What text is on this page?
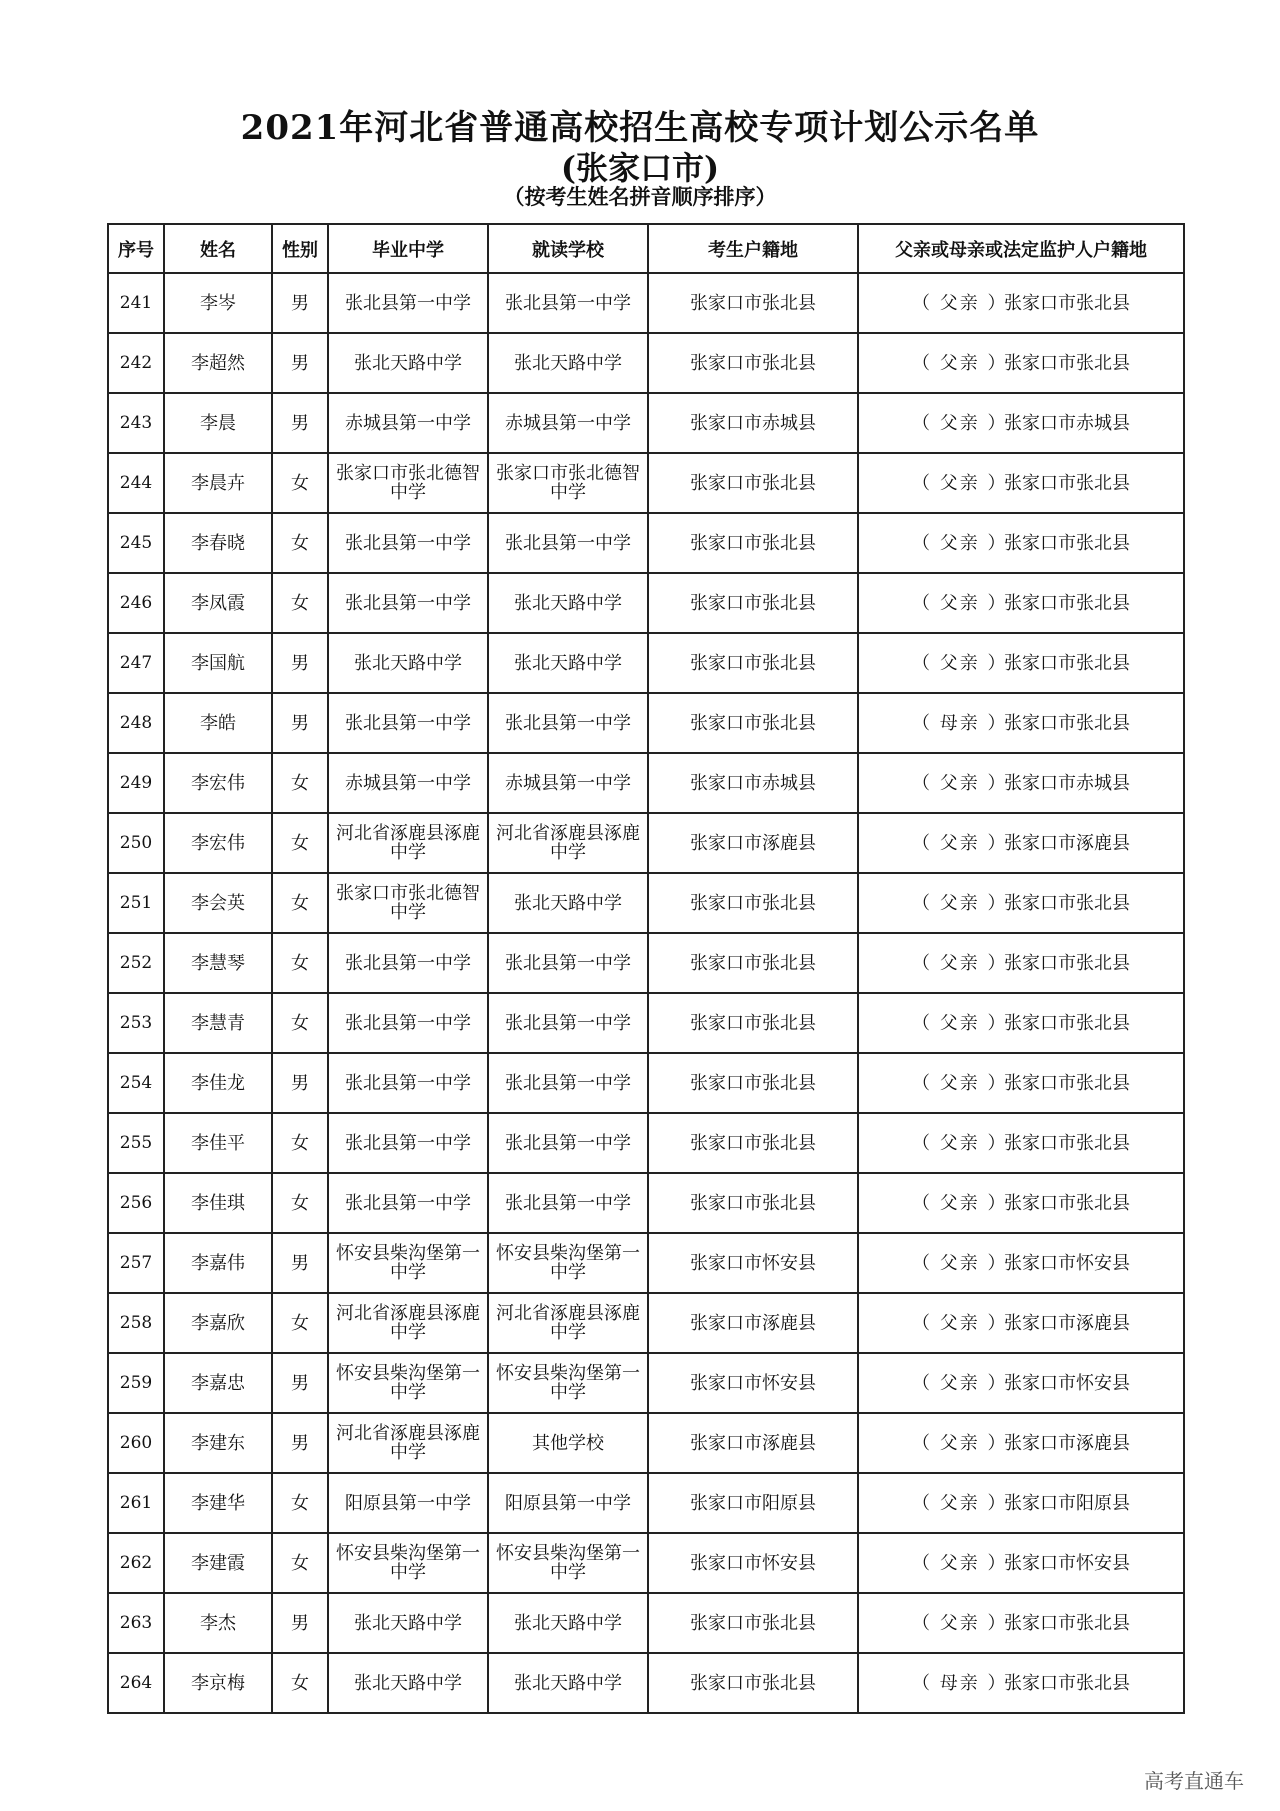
2021年河北省普通高校招生高校专项计划公示名单
(张家口市)
（按考生姓名拼音顺序排序）
序号	姓名	性别	毕业中学	就读学校	考生户籍地	父亲或母亲或法定监护人户籍地
241	李岑	男	张北县第一中学	张北县第一中学	张家口市张北县	（ 父亲 ）张家口市张北县
242	李超然	男	张北天路中学	张北天路中学	张家口市张北县	（ 父亲 ）张家口市张北县
243	李晨	男	赤城县第一中学	赤城县第一中学	张家口市赤城县	（ 父亲 ）张家口市赤城县
244	李晨卉	女	张家口市张北德智中学	张家口市张北德智中学	张家口市张北县	（ 父亲 ）张家口市张北县
245	李春晓	女	张北县第一中学	张北县第一中学	张家口市张北县	（ 父亲 ）张家口市张北县
246	李凤霞	女	张北县第一中学	张北天路中学	张家口市张北县	（ 父亲 ）张家口市张北县
247	李国航	男	张北天路中学	张北天路中学	张家口市张北县	（ 父亲 ）张家口市张北县
248	李皓	男	张北县第一中学	张北县第一中学	张家口市张北县	（ 母亲 ）张家口市张北县
249	李宏伟	女	赤城县第一中学	赤城县第一中学	张家口市赤城县	（ 父亲 ）张家口市赤城县
250	李宏伟	女	河北省涿鹿县涿鹿中学	河北省涿鹿县涿鹿中学	张家口市涿鹿县	（ 父亲 ）张家口市涿鹿县
251	李会英	女	张家口市张北德智中学	张北天路中学	张家口市张北县	（ 父亲 ）张家口市张北县
252	李慧琴	女	张北县第一中学	张北县第一中学	张家口市张北县	（ 父亲 ）张家口市张北县
253	李慧青	女	张北县第一中学	张北县第一中学	张家口市张北县	（ 父亲 ）张家口市张北县
254	李佳龙	男	张北县第一中学	张北县第一中学	张家口市张北县	（ 父亲 ）张家口市张北县
255	李佳平	女	张北县第一中学	张北县第一中学	张家口市张北县	（ 父亲 ）张家口市张北县
256	李佳琪	女	张北县第一中学	张北县第一中学	张家口市张北县	（ 父亲 ）张家口市张北县
257	李嘉伟	男	怀安县柴沟堡第一中学	怀安县柴沟堡第一中学	张家口市怀安县	（ 父亲 ）张家口市怀安县
258	李嘉欣	女	河北省涿鹿县涿鹿中学	河北省涿鹿县涿鹿中学	张家口市涿鹿县	（ 父亲 ）张家口市涿鹿县
259	李嘉忠	男	怀安县柴沟堡第一中学	怀安县柴沟堡第一中学	张家口市怀安县	（ 父亲 ）张家口市怀安县
260	李建东	男	河北省涿鹿县涿鹿中学	其他学校	张家口市涿鹿县	（ 父亲 ）张家口市涿鹿县
261	李建华	女	阳原县第一中学	阳原县第一中学	张家口市阳原县	（ 父亲 ）张家口市阳原县
262	李建霞	女	怀安县柴沟堡第一中学	怀安县柴沟堡第一中学	张家口市怀安县	（ 父亲 ）张家口市怀安县
263	李杰	男	张北天路中学	张北天路中学	张家口市张北县	（ 父亲 ）张家口市张北县
264	李京梅	女	张北天路中学	张北天路中学	张家口市张北县	（ 母亲 ）张家口市张北县
高考直通车
